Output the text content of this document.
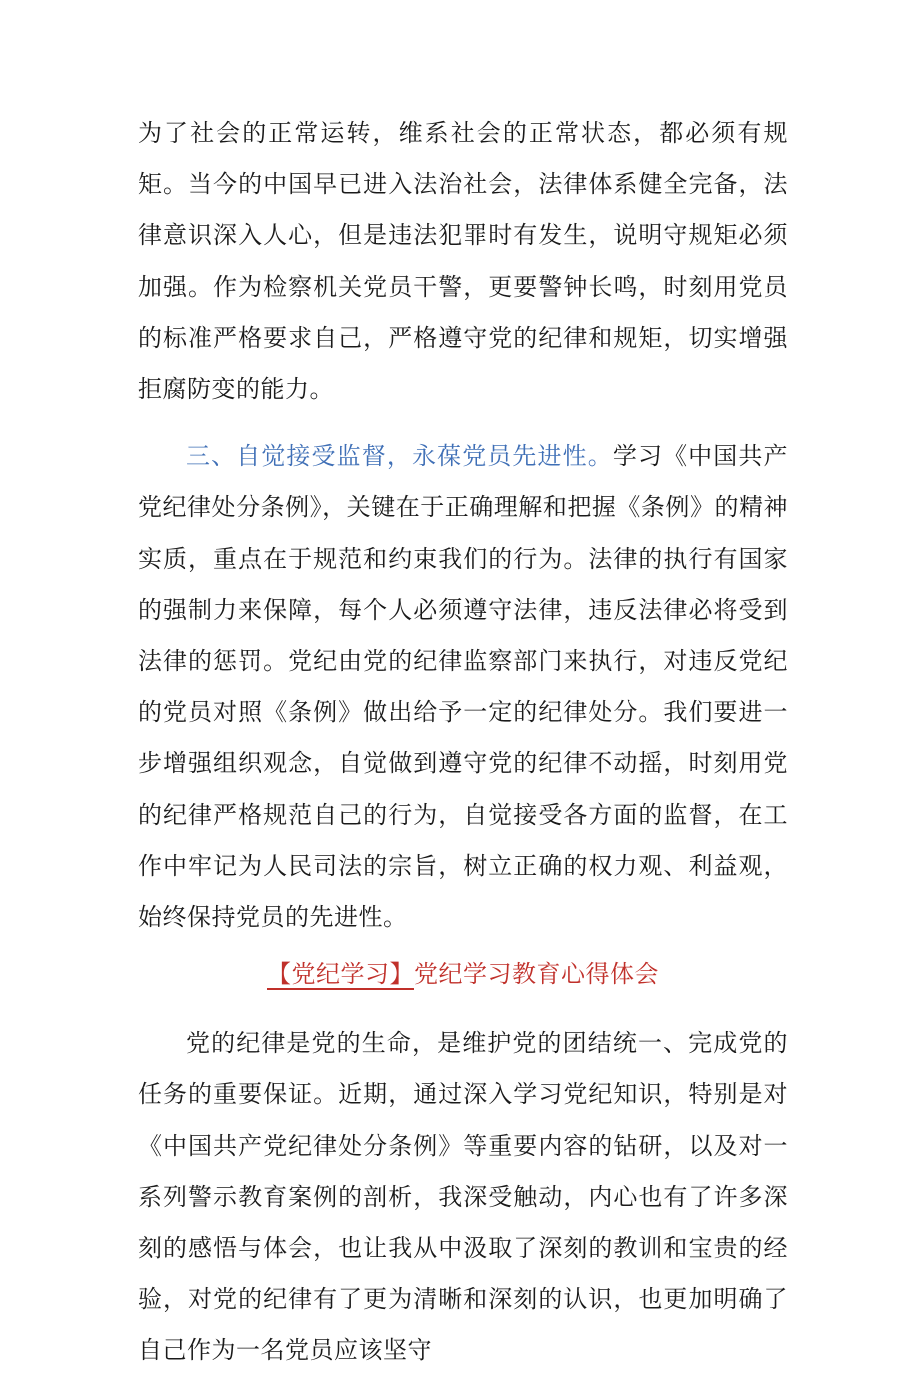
为了社会的正常运转，维系社会的正常状态，都必须有规矩。当今的中国早已进入法治社会，法律体系健全完备，法律意识深入人心，但是违法犯罪时有发生，说明守规矩必须加强。作为检察机关党员干警，更要警钟长鸣，时刻用党员的标准严格要求自己，严格遵守党的纪律和规矩，切实增强拒腐防变的能力。

三、自觉接受监督，永葆党员先进性。学习《中国共产党纪律处分条例》，关键在于正确理解和把握《条例》的精神实质，重点在于规范和约束我们的行为。法律的执行有国家的强制力来保障，每个人必须遵守法律，违反法律必将受到法律的惩罚。党纪由党的纪律监察部门来执行，对违反党纪的党员对照《条例》做出给予一定的纪律处分。我们要进一步增强组织观念，自觉做到遵守党的纪律不动摇，时刻用党的纪律严格规范自己的行为，自觉接受各方面的监督，在工作中牢记为人民司法的宗旨，树立正确的权力观、利益观，始终保持党员的先进性。

【党纪学习】党纪学习教育心得体会

党的纪律是党的生命，是维护党的团结统一、完成党的任务的重要保证。近期，通过深入学习党纪知识，特别是对《中国共产党纪律处分条例》等重要内容的钻研，以及对一系列警示教育案例的剖析，我深受触动，内心也有了许多深刻的感悟与体会，也让我从中汲取了深刻的教训和宝贵的经验，对党的纪律有了更为清晰和深刻的认识，也更加明确了自己作为一名党员应该坚守
